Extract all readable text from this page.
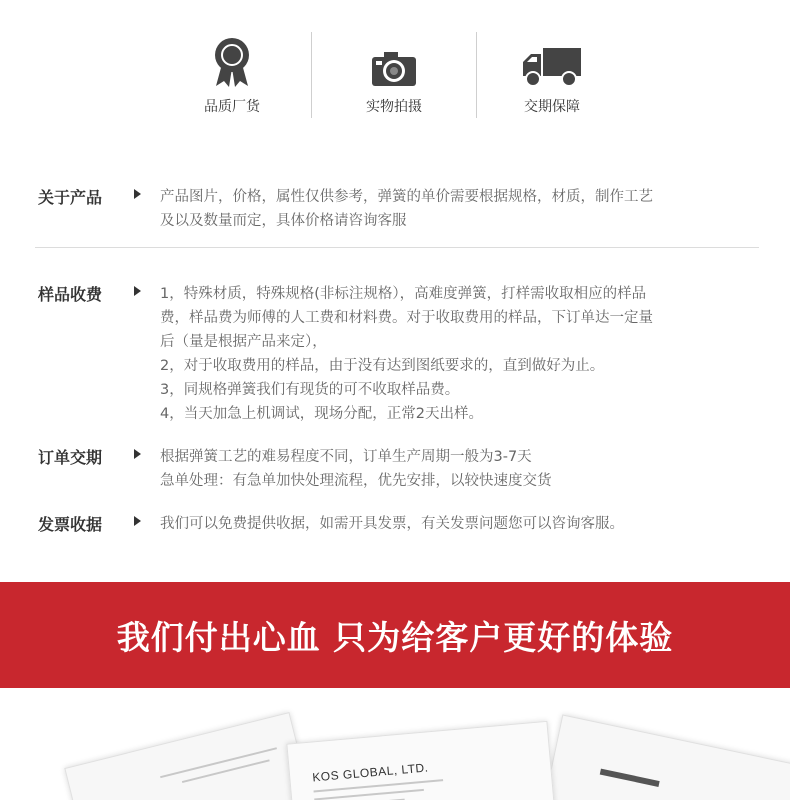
品质厂货	实物拍摄	交期保障
关于产品	产品图片，价格，属性仅供参考，弹簧的单价需要根据规格，材质，制作工艺
及以及数量而定，具体价格请咨询客服
样品收费	1，特殊材质，特殊规格(非标注规格），高难度弹簧，打样需收取相应的样品
费，样品费为师傅的人工费和材料费。对于收取费用的样品，下订单达一定量
后（量是根据产品来定），
2，对于收取费用的样品，由于没有达到图纸要求的，直到做好为止。
3，同规格弹簧我们有现货的可不收取样品费。
4，当天加急上机调试，现场分配，正常2天出样。
订单交期	根据弹簧工艺的难易程度不同，订单生产周期一般为3-7天
急单处理：有急单加快处理流程，优先安排，以较快速度交货
发票收据	我们可以免费提供收据，如需开具发票，有关发票问题您可以咨询客服。
我们付出心血 只为给客户更好的体验
KOS GLOBAL, LTD.
